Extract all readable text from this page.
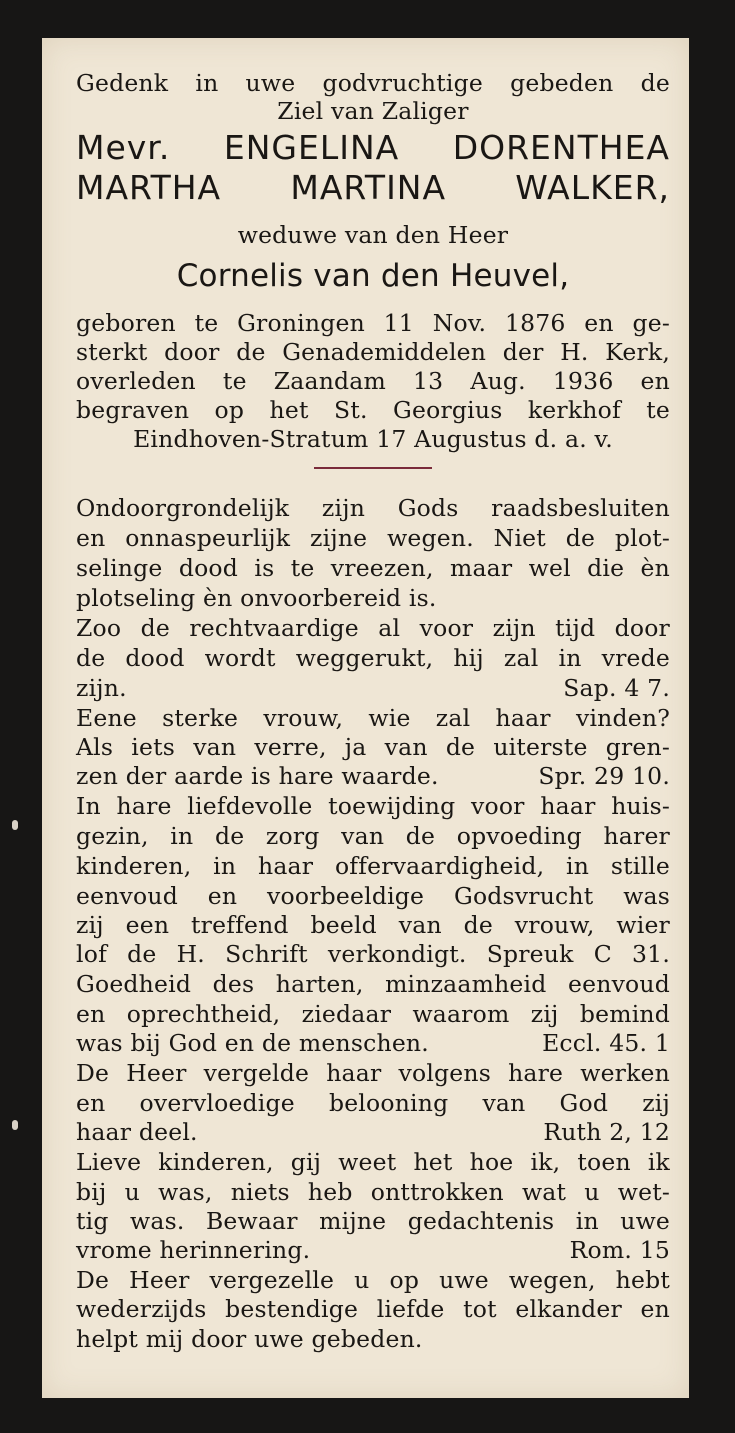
Gedenk in uwe godvruchtige gebeden de
Ziel van Zaliger
Mevr. ENGELINA DORENTHEA
MARTHA MARTINA WALKER,
weduwe van den Heer
Cornelis van den Heuvel,
geboren te Groningen 11 Nov. 1876 en ge-
sterkt door de Genademiddelen der H. Kerk,
overleden te Zaandam 13 Aug. 1936 en
begraven op het St. Georgius kerkhof te
Eindhoven-Stratum 17 Augustus d. a. v.
Ondoorgrondelijk zijn Gods raadsbesluiten
en onnaspeurlijk zijne wegen. Niet de plot-
selinge dood is te vreezen, maar wel die èn
plotseling èn onvoorbereid is.
Zoo de rechtvaardige al voor zijn tijd door
de dood wordt weggerukt, hij zal in vrede
zijn.	Sap. 4 7.
Eene sterke vrouw, wie zal haar vinden?
Als iets van verre, ja van de uiterste gren-
zen der aarde is hare waarde.	Spr. 29 10.
In hare liefdevolle toewijding voor haar huis-
gezin, in de zorg van de opvoeding harer
kinderen, in haar offervaardigheid, in stille
eenvoud en voorbeeldige Godsvrucht was
zij een treffend beeld van de vrouw, wier
lof de H. Schrift verkondigt. Spreuk C 31.
Goedheid des harten, minzaamheid eenvoud
en oprechtheid, ziedaar waarom zij bemind
was bij God en de menschen.	Eccl. 45. 1
De Heer vergelde haar volgens hare werken
en overvloedige belooning van God zij
haar deel.	Ruth 2, 12
Lieve kinderen, gij weet het hoe ik, toen ik
bij u was, niets heb onttrokken wat u wet-
tig was. Bewaar mijne gedachtenis in uwe
vrome herinnering.	Rom. 15
De Heer vergezelle u op uwe wegen, hebt
wederzijds bestendige liefde tot elkander en
helpt mij door uwe gebeden.
